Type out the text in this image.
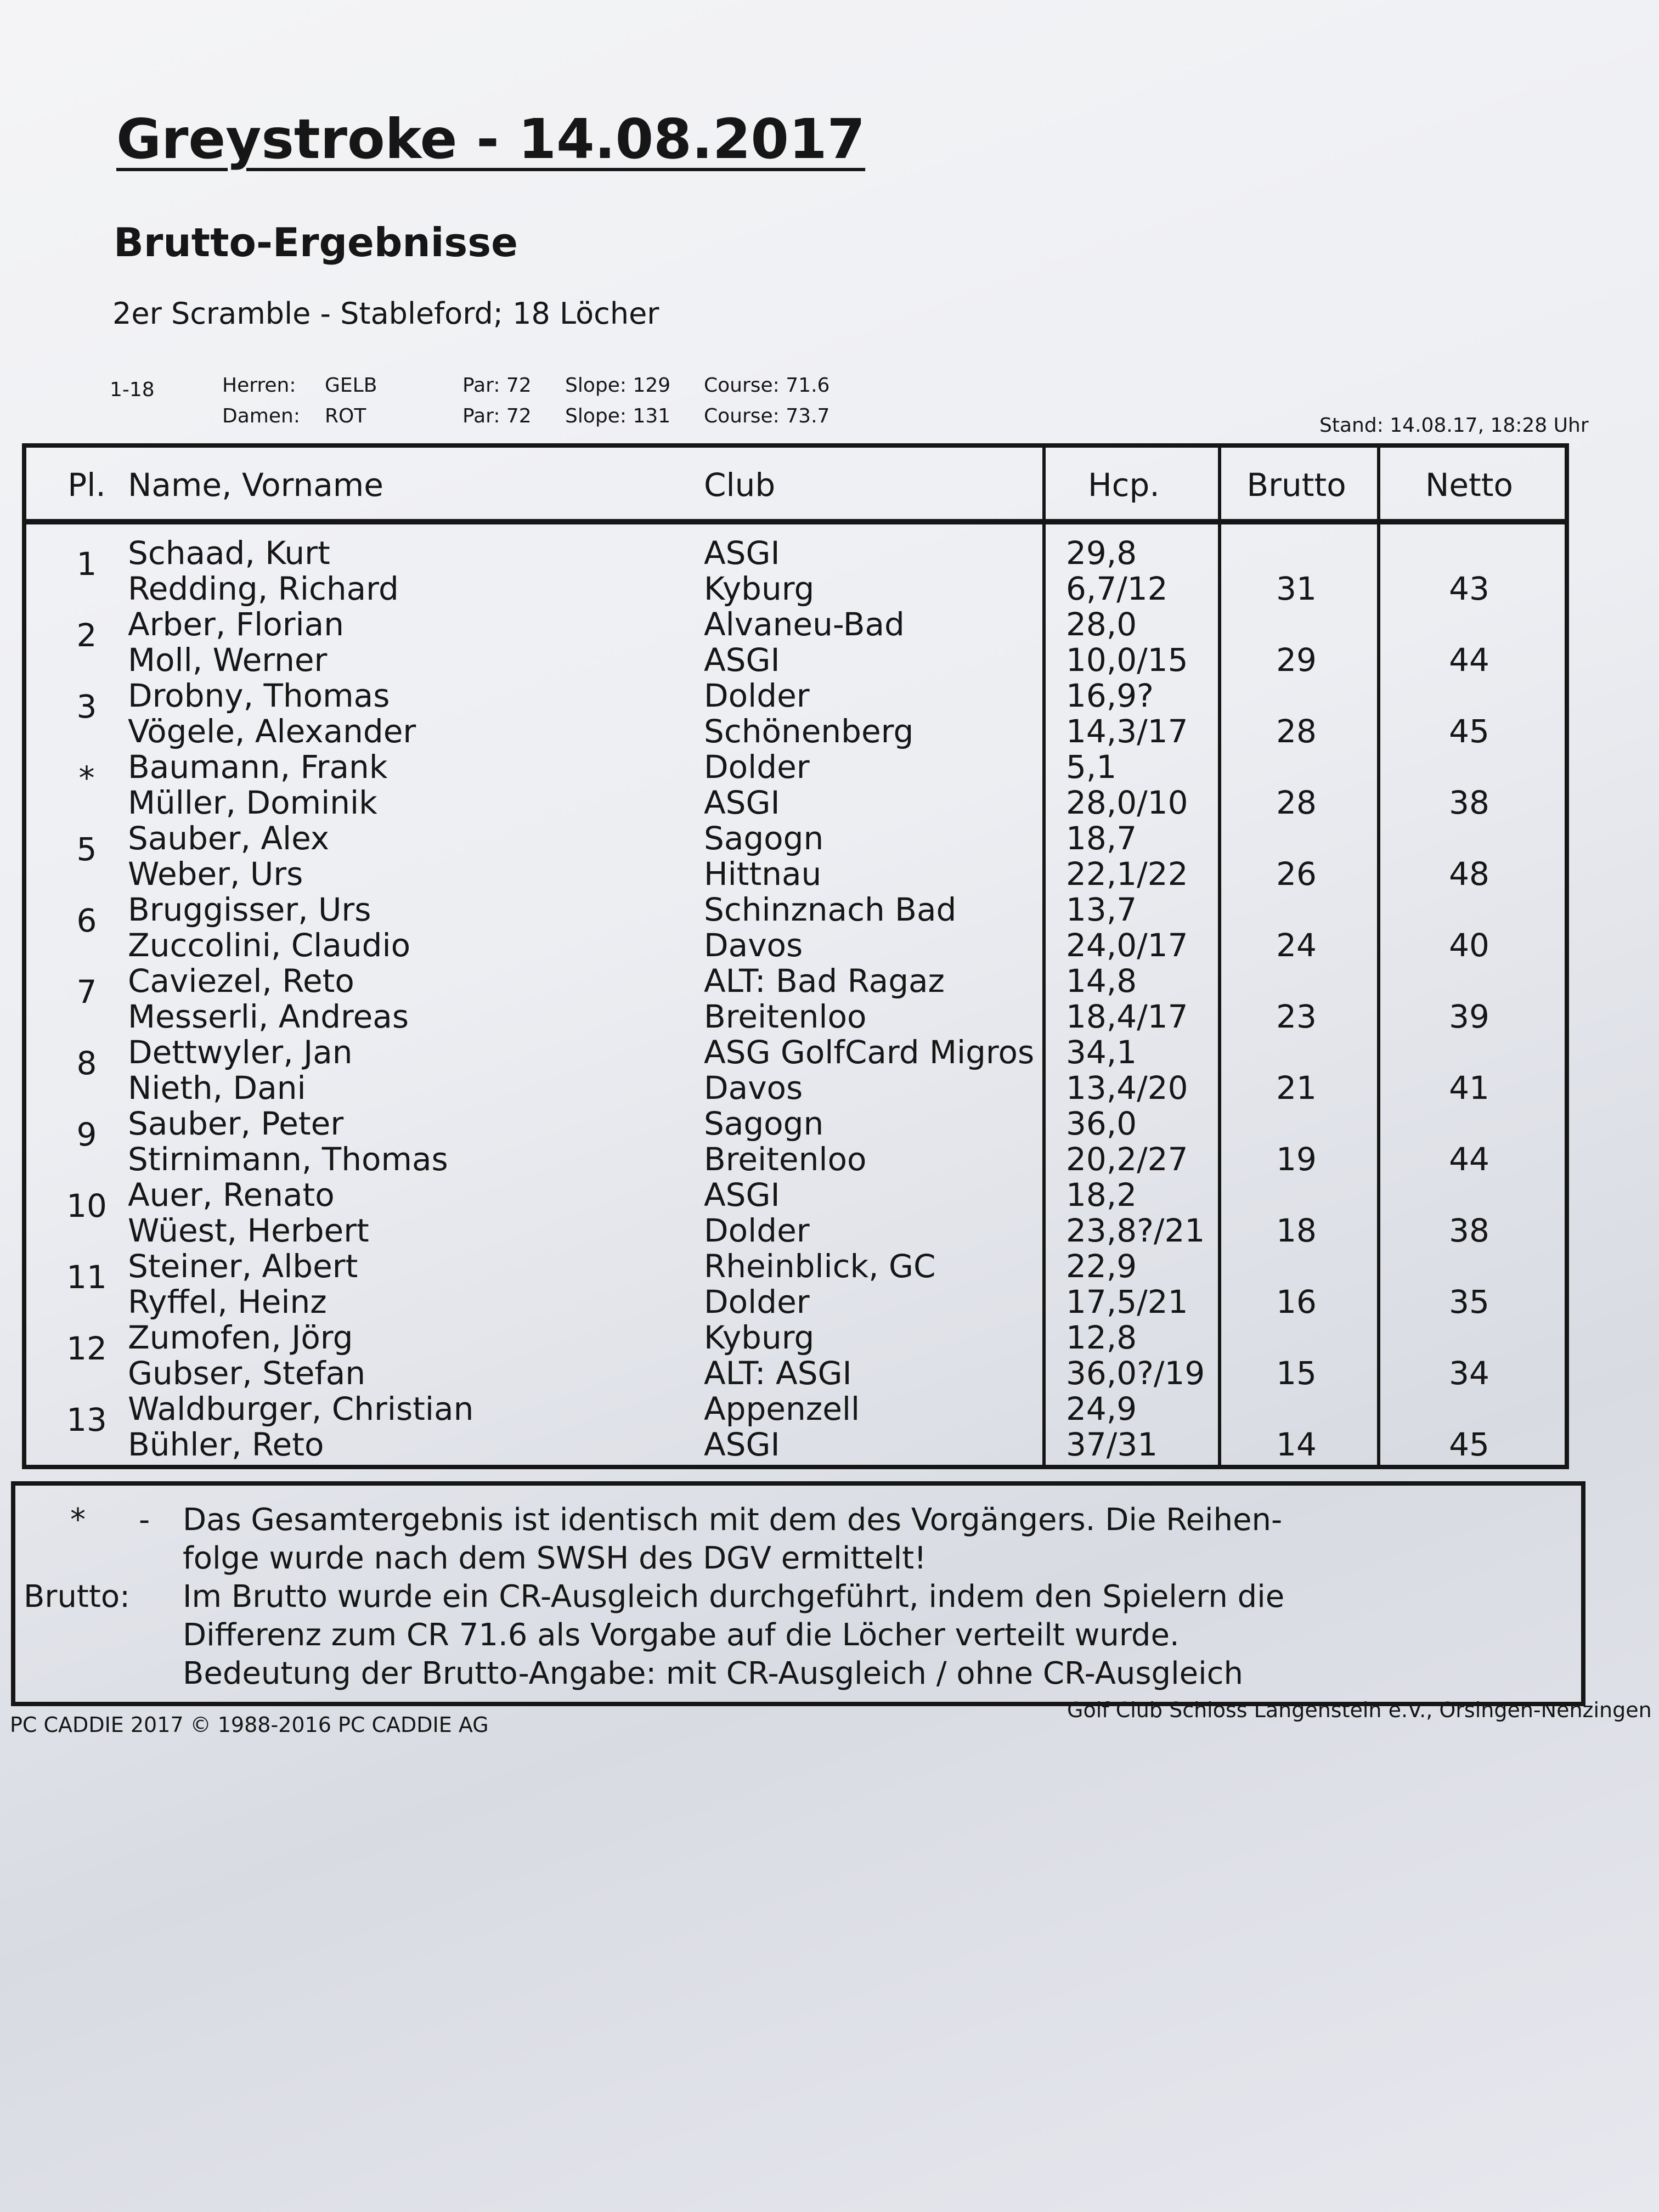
Greystroke - 14.08.2017
Brutto-Ergebnisse
2er Scramble - Stableford; 18 Löcher
1-18	Herren: GELB	Par: 72 Slope: 129 Course: 71.6
Damen: ROT	Par: 72 Slope: 131 Course: 73.7	Stand: 14.08.17, 18:28 Uhr
Pl. Name, Vorname	Club	Hcp.	Brutto	Netto
1 Schaad, Kurt	ASGI	29,8
Redding, Richard	Kyburg	6,7/12	31	43
2 Arber, Florian	Alvaneu-Bad	28,0
Moll, Werner	ASGI	10,0/15	29	44
3 Drobny, Thomas	Dolder	16,9?
Vögele, Alexander	Schönenberg	14,3/17	28	45
*	Baumann, Frank	Dolder	5,1
Müller, Dominik	ASGI	28,0/10	28	38
5 Sauber, Alex	Sagogn	18,7
Weber, Urs	Hittnau	22,1/22	26	48
6 Bruggisser, Urs	Schinznach Bad	13,7
Zuccolini, Claudio	Davos	24,0/17	24	40
7 Caviezel, Reto	ALT: Bad Ragaz	14,8
Messerli, Andreas	Breitenloo	18,4/17	23	39
8 Dettwyler, Jan	ASG GolfCard Migros 34,1
Nieth, Dani	Davos	13,4/20	21	41
9 Sauber, Peter	Sagogn	36,0
Stirnimann, Thomas	Breitenloo	20,2/27	19	44
10 Auer, Renato	ASGI	18,2
Wüest, Herbert	Dolder	23,8?/21	18	38
11 Steiner, Albert	Rheinblick, GC	22,9
Ryffel, Heinz	Dolder	17,5/21	16	35
12 Zumofen, Jörg	Kyburg	12,8
Gubser, Stefan	ALT: ASGI	36,0?/19	15	34
13 Waldburger, Christian	Appenzell	24,9
Bühler, Reto	ASGI	37/31	14	45
* - Das Gesamtergebnis ist identisch mit dem des Vorgängers. Die Reihen-
folge wurde nach dem SWSH des DGV ermittelt!
Brutto: Im Brutto wurde ein CR-Ausgleich durchgeführt, indem den Spielern die
Differenz zum CR 71.6 als Vorgabe auf die Löcher verteilt wurde.
Bedeutung der Brutto-Angabe: mit CR-Ausgleich / ohne CR-Ausgleich
PC CADDIE 2017 © 1988-2016 PC CADDIE AG
Golf Club Schloss Langenstein e.V., Orsingen-Nenzingen
